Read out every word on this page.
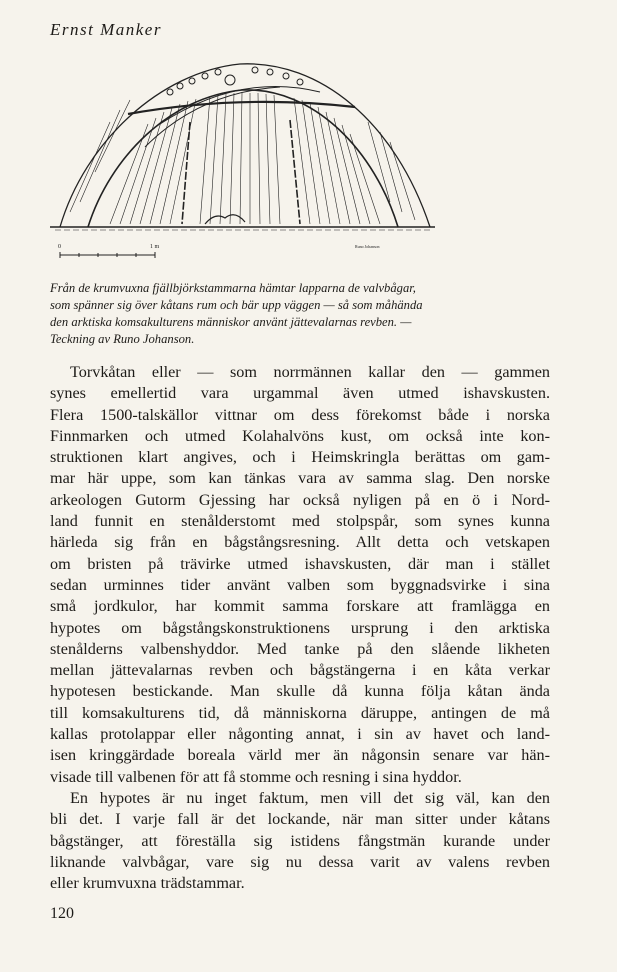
Ernst Manker
0	1 m	Runo Johanson
Från de krumvuxna fjällbjörkstammarna hämtar lapparna de valvbågar,
som spänner sig över kåtans rum och bär upp väggen — så som måhända
den arktiska komsakulturens människor använt jättevalarnas revben. —
Teckning av Runo Johanson.
Torvkåtan eller — som norrmännen kallar den — gammen
synes emellertid vara urgammal även utmed ishavskusten.
Flera 1500-talskällor vittnar om dess förekomst både i norska
Finnmarken och utmed Kolahalvöns kust, om också inte kon-
struktionen klart angives, och i Heimskringla berättas om gam-
mar här uppe, som kan tänkas vara av samma slag. Den norske
arkeologen Gutorm Gjessing har också nyligen på en ö i Nord-
land funnit en stenålderstomt med stolpspår, som synes kunna
härleda sig från en bågstångsresning. Allt detta och vetskapen
om bristen på trävirke utmed ishavskusten, där man i stället
sedan urminnes tider använt valben som byggnadsvirke i sina
små jordkulor, har kommit samma forskare att framlägga en
hypotes om bågstångskonstruktionens ursprung i den arktiska
stenålderns valbenshyddor. Med tanke på den slående likheten
mellan jättevalarnas revben och bågstängerna i en kåta verkar
hypotesen bestickande. Man skulle då kunna följa kåtan ända
till komsakulturens tid, då människorna däruppe, antingen de må
kallas protolappar eller någonting annat, i sin av havet och land-
isen kringgärdade boreala värld mer än någonsin senare var hän-
visade till valbenen för att få stomme och resning i sina hyddor.
En hypotes är nu inget faktum, men vill det sig väl, kan den
bli det. I varje fall är det lockande, när man sitter under kåtans
bågstänger, att föreställa sig istidens fångstmän kurande under
liknande valvbågar, vare sig nu dessa varit av valens revben
eller krumvuxna trädstammar.
120
